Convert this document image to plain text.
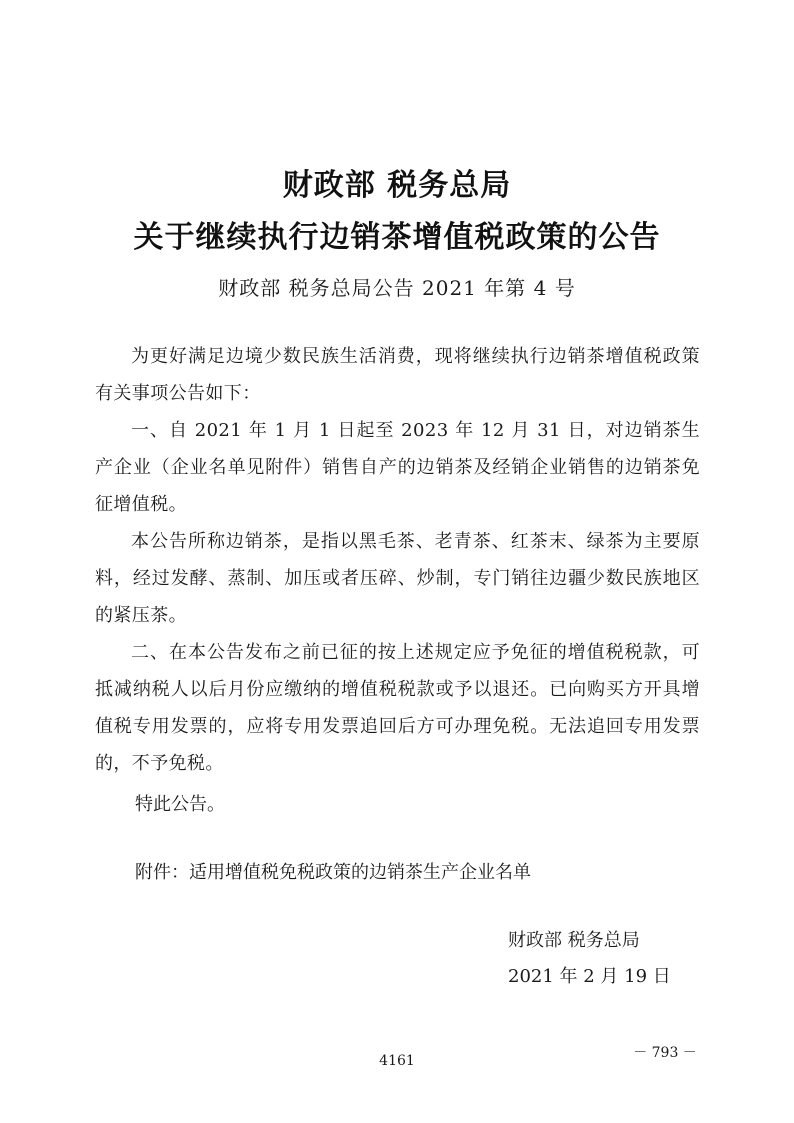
财政部 税务总局
关于继续执行边销茶增值税政策的公告
财政部 税务总局公告 2021 年第 4 号

为更好满足边境少数民族生活消费，现将继续执行边销茶增值税政策有关事项公告如下：

一、自 2021 年 1 月 1 日起至 2023 年 12 月 31 日，对边销茶生产企业（企业名单见附件）销售自产的边销茶及经销企业销售的边销茶免征增值税。

本公告所称边销茶，是指以黑毛茶、老青茶、红茶末、绿茶为主要原料，经过发酵、蒸制、加压或者压碎、炒制，专门销往边疆少数民族地区的紧压茶。

二、在本公告发布之前已征的按上述规定应予免征的增值税税款，可抵减纳税人以后月份应缴纳的增值税税款或予以退还。已向购买方开具增值税专用发票的，应将专用发票追回后方可办理免税。无法追回专用发票的，不予免税。

特此公告。
附件：适用增值税免税政策的边销茶生产企业名单
财政部 税务总局
2021 年 2 月 19 日
－ 793 －
4161
